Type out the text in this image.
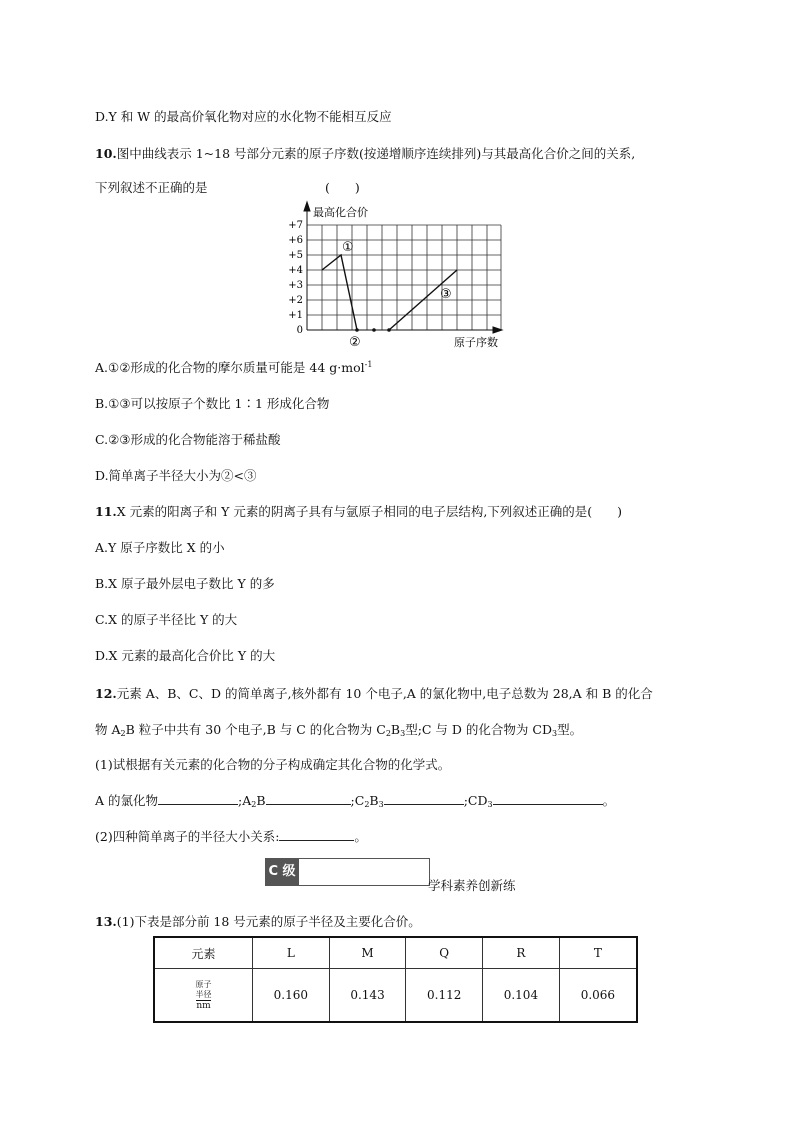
D.Y 和 W 的最高价氧化物对应的水化物不能相互反应
10.图中曲线表示 1~18 号部分元素的原子序数(按递增顺序连续排列)与其最高化合价之间的关系,
下列叙述不正确的是	(　　)
最高化合价
原子序数
+7
+6
+5
+4
+3
+2
+1
0
①
②
③
A.①②形成的化合物的摩尔质量可能是 44 g·mol$^{-1}$
B.①③可以按原子个数比 1∶1 形成化合物
C.②③形成的化合物能溶于稀盐酸
D.简单离子半径大小为②<③
11.X 元素的阳离子和 Y 元素的阴离子具有与氩原子相同的电子层结构,下列叙述正确的是(　　)
A.Y 原子序数比 X 的小
B.X 原子最外层电子数比 Y 的多
C.X 的原子半径比 Y 的大
D.X 元素的最高化合价比 Y 的大
12.元素 A、B、C、D 的简单离子,核外都有 10 个电子,A 的氯化物中,电子总数为 28,A 和 B 的化合
物 $A_2B$ 粒子中共有 30 个电子,B 与 C 的化合物为 $C_2B_3$型;C 与 D 的化合物为 $CD_3$型。
(1)试根据有关元素的化合物的分子构成确定其化合物的化学式。
A 的氯化物	$;A_2B$	$;C_2B_3$	$;CD_3$	。
(2)四种简单离子的半径大小关系:	。
C 级
学科素养创新练
13.(1)下表是部分前 18 号元素的原子半径及主要化合价。
元素	L	M	Q	R	T
原子
半径
nm	0.160	0.143	0.112	0.104	0.066
